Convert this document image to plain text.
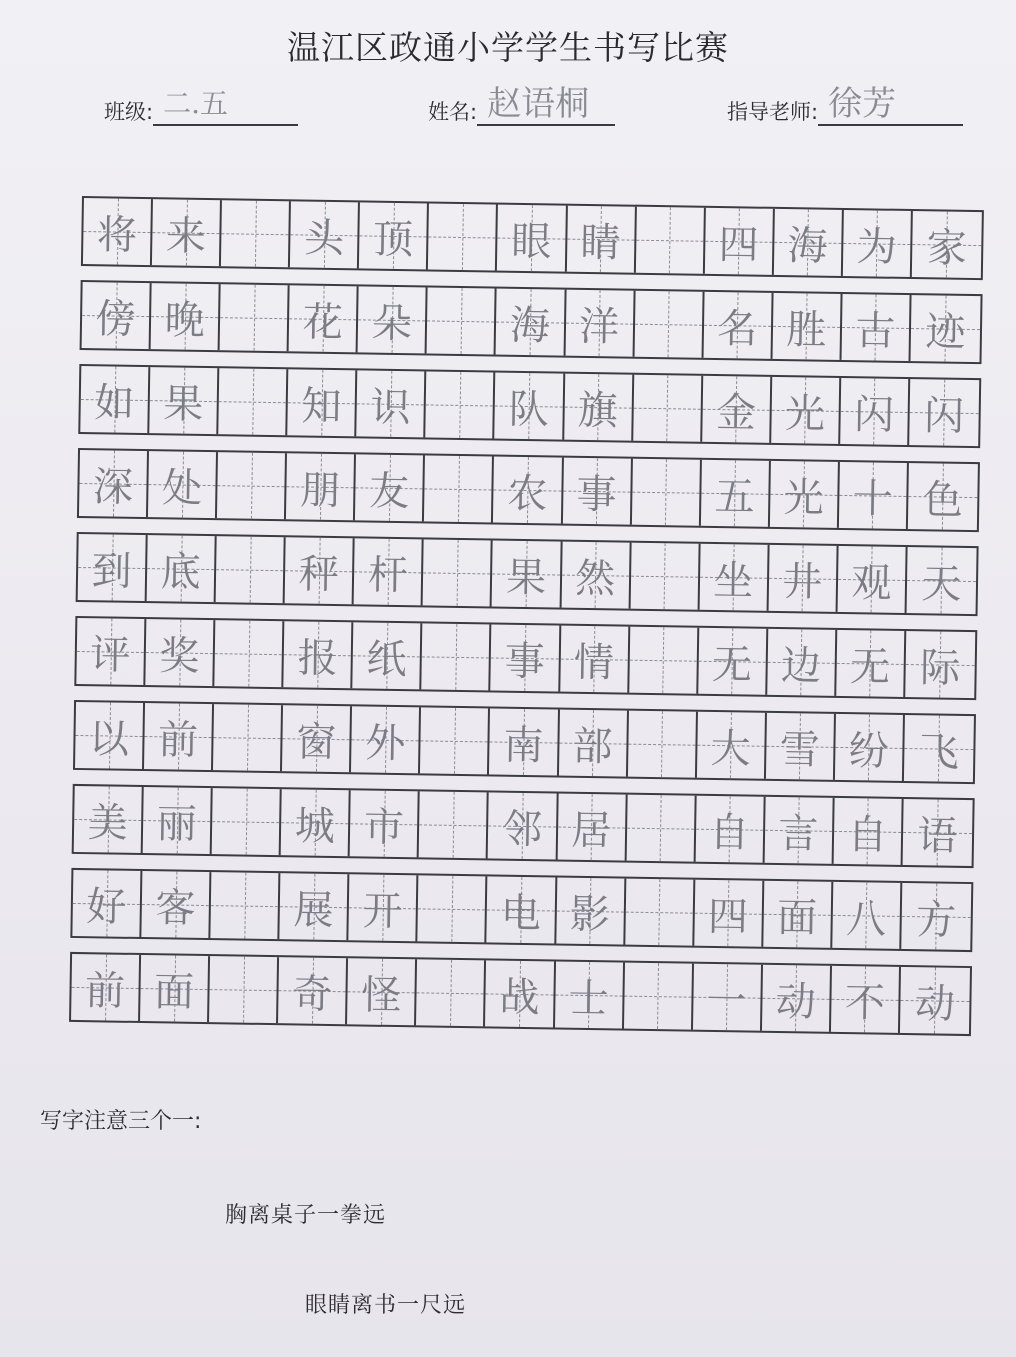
温江区政通小学学生书写比赛
班级: 二.五	姓名: 赵语桐	指导老师: 徐芳
将 来 头 顶 眼 睛 四 海 为 家
傍 晚 花 朵 海 洋 名 胜 古 迹
如 果 知 识 队 旗 金 光 闪 闪
深 处 朋 友 农 事 五 光 十 色
到 底 秤 杆 果 然 坐 井 观 天
评 奖 报 纸 事 情 无 边 无 际
以 前 窗 外 南 部 大 雪 纷 飞
美 丽 城 市 邻 居 自 言 自 语
好 客 展 开 电 影 四 面 八 方
前 面 奇 怪 战 士 一 动 不 动
写字注意三个一:
胸离桌子一拳远
眼睛离书一尺远
